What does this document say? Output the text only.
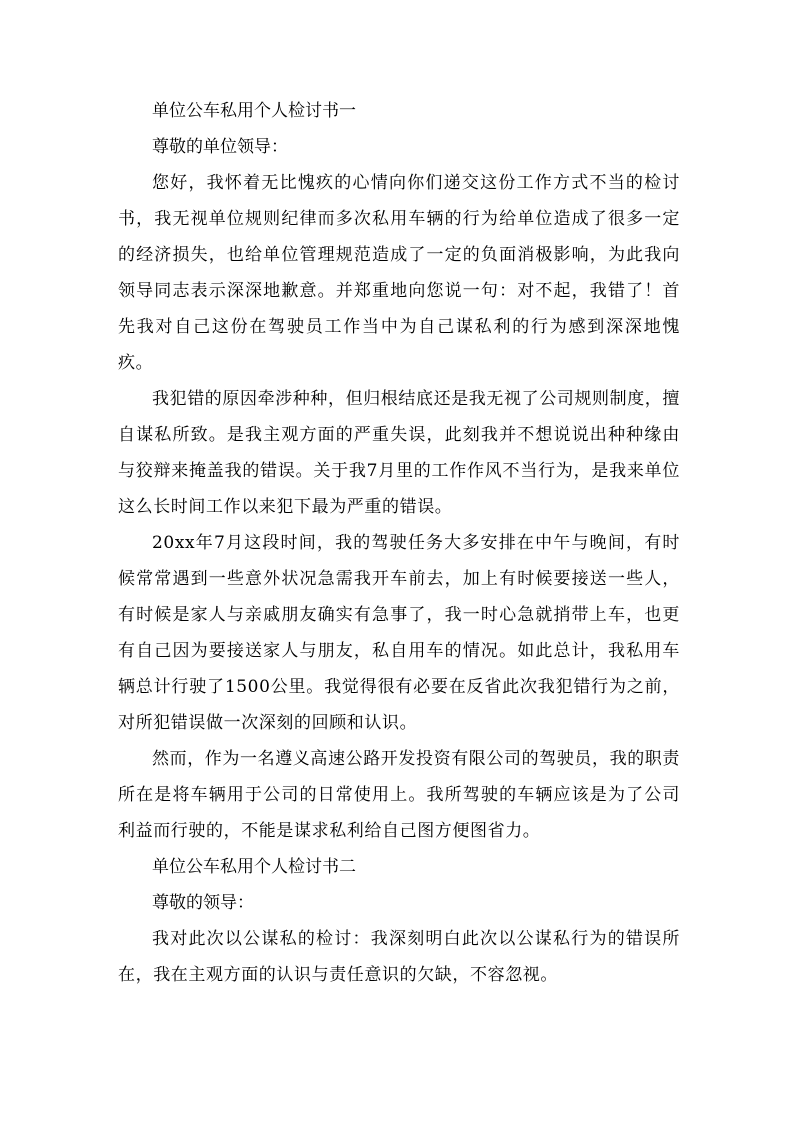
单位公车私用个人检讨书一

尊敬的单位领导：

您好，我怀着无比愧疚的心情向你们递交这份工作方式不当的检讨书，我无视单位规则纪律而多次私用车辆的行为给单位造成了很多一定的经济损失，也给单位管理规范造成了一定的负面消极影响，为此我向领导同志表示深深地歉意。并郑重地向您说一句：对不起，我错了！首先我对自己这份在驾驶员工作当中为自己谋私利的行为感到深深地愧疚。

我犯错的原因牵涉种种，但归根结底还是我无视了公司规则制度，擅自谋私所致。是我主观方面的严重失误，此刻我并不想说说出种种缘由与狡辩来掩盖我的错误。关于我7月里的工作作风不当行为，是我来单位这么长时间工作以来犯下最为严重的错误。

20xx年7月这段时间，我的驾驶任务大多安排在中午与晚间，有时候常常遇到一些意外状况急需我开车前去，加上有时候要接送一些人，有时候是家人与亲戚朋友确实有急事了，我一时心急就捎带上车，也更有自己因为要接送家人与朋友，私自用车的情况。如此总计，我私用车辆总计行驶了1500公里。我觉得很有必要在反省此次我犯错行为之前，对所犯错误做一次深刻的回顾和认识。

然而，作为一名遵义高速公路开发投资有限公司的驾驶员，我的职责所在是将车辆用于公司的日常使用上。我所驾驶的车辆应该是为了公司利益而行驶的，不能是谋求私利给自己图方便图省力。

单位公车私用个人检讨书二

尊敬的领导：

我对此次以公谋私的检讨：我深刻明白此次以公谋私行为的错误所在，我在主观方面的认识与责任意识的欠缺，不容忽视。
